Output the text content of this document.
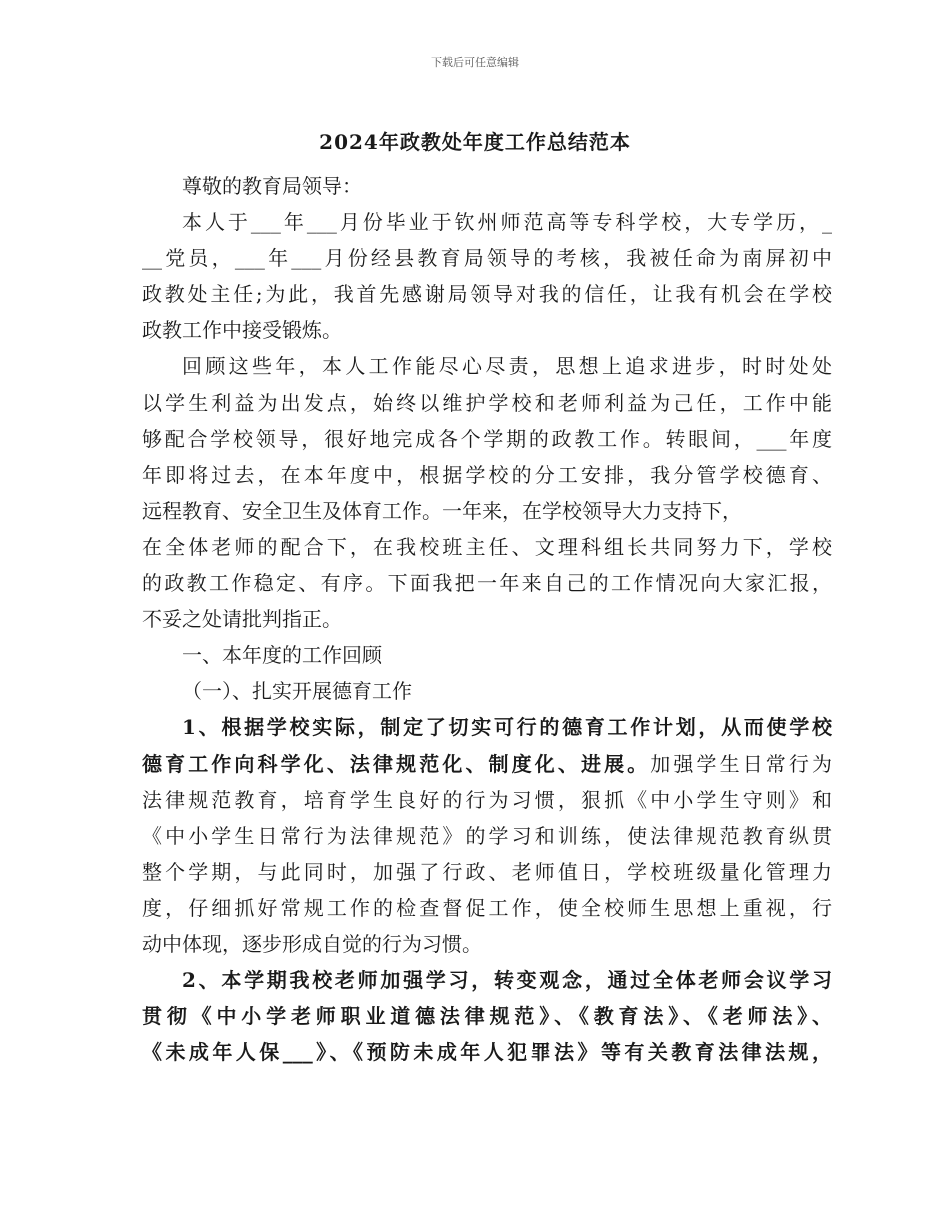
下载后可任意编辑
2024年政教处年度工作总结范本

尊敬的教育局领导：

本人于___年___月份毕业于钦州师范高等专科学校，大专学历，_

__党员，___年___月份经县教育局领导的考核，我被任命为南屏初中

政教处主任;为此，我首先感谢局领导对我的信任，让我有机会在学校

政教工作中接受锻炼。

回顾这些年，本人工作能尽心尽责，思想上追求进步，时时处处

以学生利益为出发点，始终以维护学校和老师利益为己任，工作中能

够配合学校领导，很好地完成各个学期的政教工作。转眼间，___年度

年即将过去，在本年度中，根据学校的分工安排，我分管学校德育、

远程教育、安全卫生及体育工作。一年来，在学校领导大力支持下，

在全体老师的配合下，在我校班主任、文理科组长共同努力下，学校

的政教工作稳定、有序。下面我把一年来自己的工作情况向大家汇报，

不妥之处请批判指正。

一、本年度的工作回顾

（一）、扎实开展德育工作

1、根据学校实际，制定了切实可行的德育工作计划，从而使学校

德育工作向科学化、法律规范化、制度化、进展。加强学生日常行为

法律规范教育，培育学生良好的行为习惯，狠抓《中小学生守则》和

《中小学生日常行为法律规范》的学习和训练，使法律规范教育纵贯

整个学期，与此同时，加强了行政、老师值日，学校班级量化管理力

度，仔细抓好常规工作的检查督促工作，使全校师生思想上重视，行

动中体现，逐步形成自觉的行为习惯。

2、本学期我校老师加强学习，转变观念，通过全体老师会议学习

贯彻《中小学老师职业道德法律规范》、《教育法》、《老师法》、

《未成年人保___》、《预防未成年人犯罪法》等有关教育法律法规，
